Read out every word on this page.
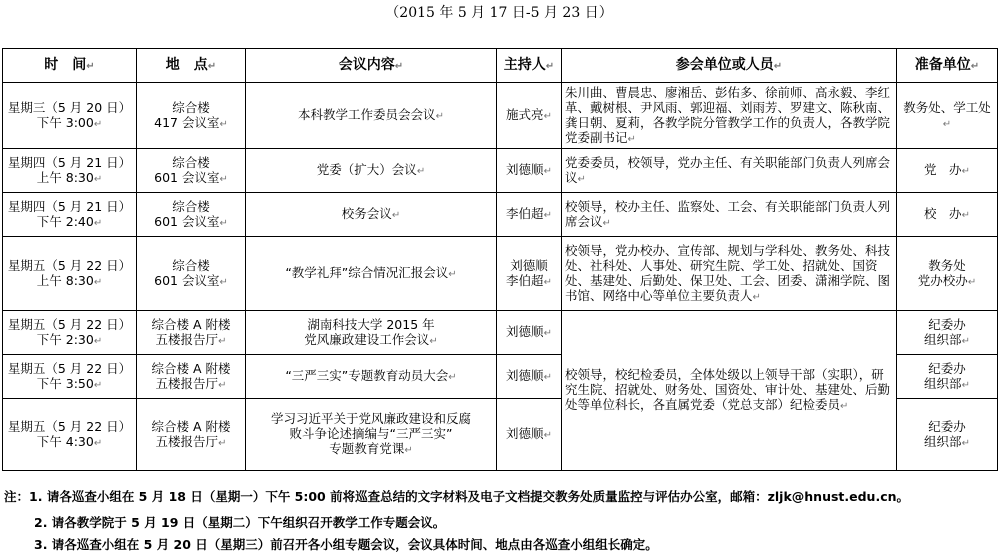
（2015 年 5 月 17 日-5 月 23 日）
时　间↵	地　点↵	会议内容↵	主持人↵	参会单位或人员↵	准备单位↵
星期三（5 月 20 日）
下午 3:00↵	综合楼
417 会议室↵	本科教学工作委员会会议↵	施式亮↵	朱川曲、曹晨忠、廖湘岳、彭佑多、徐前师、高永毅、李红革、戴树根、尹风雨、郭迎福、刘雨芳、罗建文、陈秋南、龚日朝、夏莉，各教学院分管教学工作的负责人，各教学院党委副书记↵	教务处、学工处↵
星期四（5 月 21 日）
上午 8:30↵	综合楼
601 会议室↵	党委（扩大）会议↵	刘德顺↵	党委委员，校领导，党办主任、有关职能部门负责人列席会议↵	党　办↵
星期四（5 月 21 日）
下午 2:40↵	综合楼
601 会议室↵	校务会议↵	李伯超↵	校领导，校办主任、监察处、工会、有关职能部门负责人列席会议↵	校　办↵
星期五（5 月 22 日）
上午 8:30↵	综合楼
601 会议室↵	“教学礼拜”综合情况汇报会议↵	刘德顺
李伯超↵	校领导，党办校办、宣传部、规划与学科处、教务处、科技处、社科处、人事处、研究生院、学工处、招就处、国资处、基建处、后勤处、保卫处、工会、团委、潇湘学院、图书馆、网络中心等单位主要负责人↵	教务处
党办校办↵
星期五（5 月 22 日）
下午 2:30↵	综合楼 A 附楼
五楼报告厅↵	湖南科技大学 2015 年
党风廉政建设工作会议↵	刘德顺↵	校领导，校纪检委员，全体处级以上领导干部（实职），研究生院、招就处、财务处、国资处、审计处、基建处、后勤处等单位科长，各直属党委（党总支部）纪检委员↵	纪委办
组织部↵
星期五（5 月 22 日）
下午 3:50↵	综合楼 A 附楼
五楼报告厅↵	“三严三实”专题教育动员大会↵	刘德顺↵		纪委办
组织部↵
星期五（5 月 22 日）
下午 4:30↵	综合楼 A 附楼
五楼报告厅↵	学习习近平关于党风廉政建设和反腐
败斗争论述摘编与“三严三实”
专题教育党课↵	刘德顺↵		纪委办
组织部↵
注：1. 请各巡查小组在 5 月 18 日（星期一）下午 5:00 前将巡查总结的文字材料及电子文档提交教务处质量监控与评估办公室，邮箱：zljk@hnust.edu.cn。
2. 请各教学院于 5 月 19 日（星期二）下午组织召开教学工作专题会议。
3. 请各巡查小组在 5 月 20 日（星期三）前召开各小组专题会议，会议具体时间、地点由各巡查小组组长确定。
